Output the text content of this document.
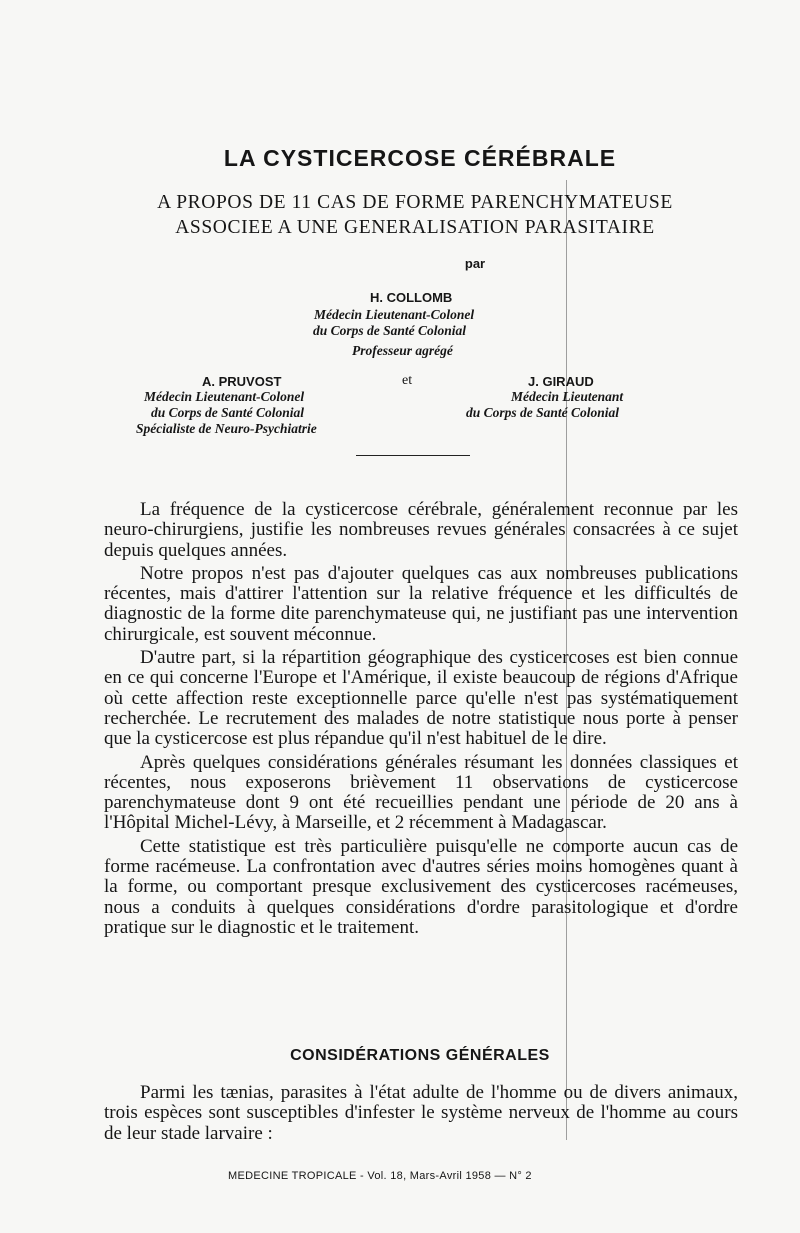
LA CYSTICERCOSE CÉRÉBRALE
A PROPOS DE 11 CAS DE FORME PARENCHYMATEUSE
ASSOCIEE A UNE GENERALISATION PARASITAIRE
par
H. COLLOMB
Médecin Lieutenant-Colonel
du Corps de Santé Colonial
Professeur agrégé
A. PRUVOST
Médecin Lieutenant-Colonel
du Corps de Santé Colonial
Spécialiste de Neuro-Psychiatrie
et	J. GIRAUD
Médecin Lieutenant
du Corps de Santé Colonial

La fréquence de la cysticercose cérébrale, généralement reconnue par les neuro-chirurgiens, justifie les nombreuses revues générales consacrées à ce sujet depuis quelques années.

Notre propos n'est pas d'ajouter quelques cas aux nombreuses publications récentes, mais d'attirer l'attention sur la relative fréquence et les difficultés de diagnostic de la forme dite parenchymateuse qui, ne justifiant pas une intervention chirurgicale, est souvent méconnue.

D'autre part, si la répartition géographique des cysticercoses est bien connue en ce qui concerne l'Europe et l'Amérique, il existe beaucoup de régions d'Afrique où cette affection reste exceptionnelle parce qu'elle n'est pas systématiquement recherchée. Le recrutement des malades de notre statistique nous porte à penser que la cysticercose est plus répandue qu'il n'est habituel de le dire.

Après quelques considérations générales résumant les données classiques et récentes, nous exposerons brièvement 11 observations de cysticercose parenchymateuse dont 9 ont été recueillies pendant une période de 20 ans à l'Hôpital Michel-Lévy, à Marseille, et 2 récemment à Madagascar.

Cette statistique est très particulière puisqu'elle ne comporte aucun cas de forme racémeuse. La confrontation avec d'autres séries moins homogènes quant à la forme, ou comportant presque exclusivement des cysticercoses racémeuses, nous a conduits à quelques considérations d'ordre parasitologique et d'ordre pratique sur le diagnostic et le traitement.

CONSIDÉRATIONS GÉNÉRALES

Parmi les tænias, parasites à l'état adulte de l'homme ou de divers animaux, trois espèces sont susceptibles d'infester le système nerveux de l'homme au cours de leur stade larvaire :

MEDECINE TROPICALE - Vol. 18, Mars-Avril 1958 — N° 2
